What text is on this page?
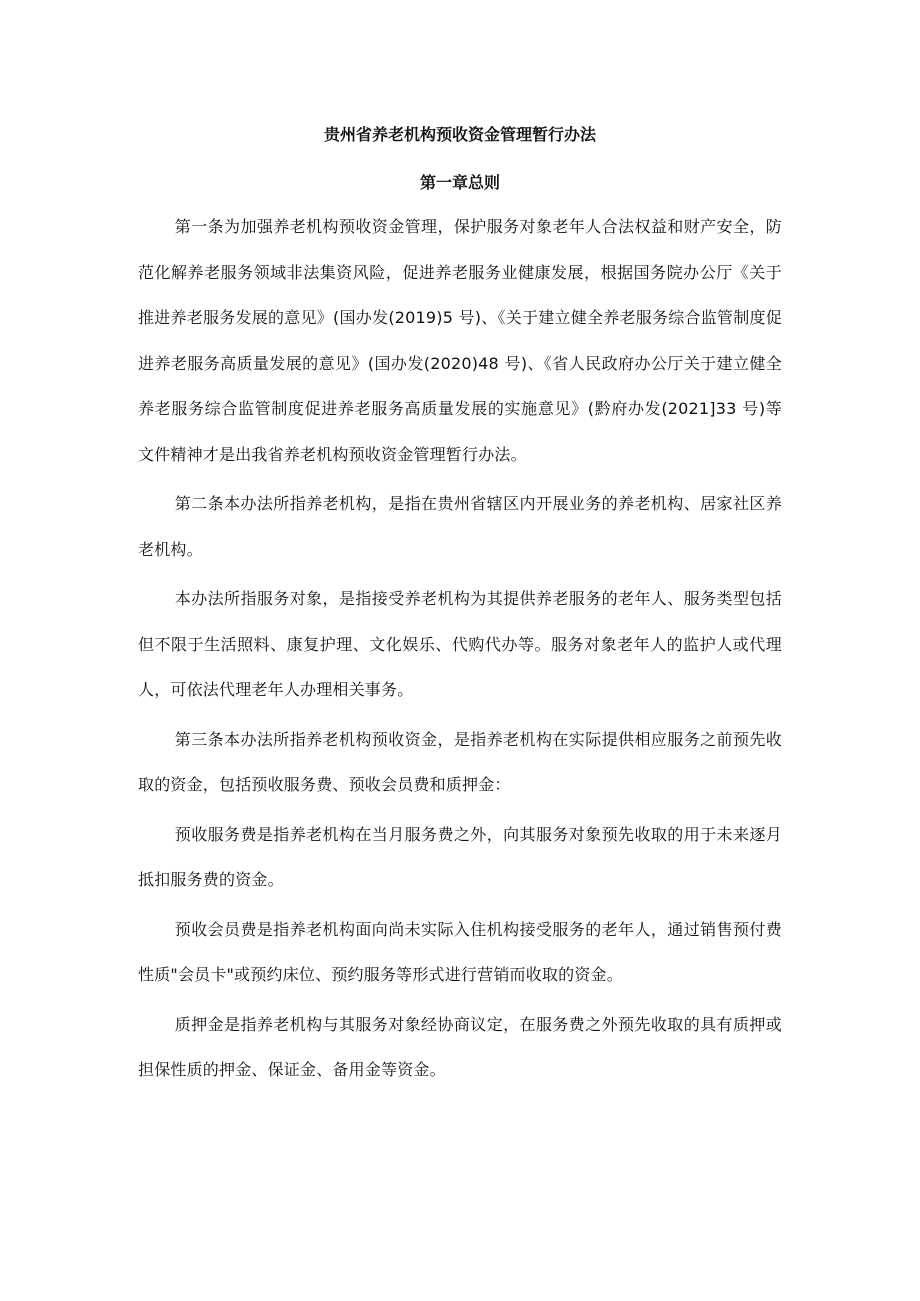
贵州省养老机构预收资金管理暂行办法
第一章总则

第一条为加强养老机构预收资金管理，保护服务对象老年人合法权益和财产安全，防范化解养老服务领域非法集资风险，促进养老服务业健康发展，根据国务院办公厅《关于推进养老服务发展的意见》(国办发(2019)5 号)、《关于建立健全养老服务综合监管制度促进养老服务高质量发展的意见》(国办发(2020)48 号)、《省人民政府办公厅关于建立健全养老服务综合监管制度促进养老服务高质量发展的实施意见》(黔府办发(2021]33 号)等文件精神才是出我省养老机构预收资金管理暂行办法。

第二条本办法所指养老机构，是指在贵州省辖区内开展业务的养老机构、居家社区养老机构。

本办法所指服务对象，是指接受养老机构为其提供养老服务的老年人、服务类型包括但不限于生活照料、康复护理、文化娱乐、代购代办等。服务对象老年人的监护人或代理人，可依法代理老年人办理相关事务。

第三条本办法所指养老机构预收资金，是指养老机构在实际提供相应服务之前预先收取的资金，包括预收服务费、预收会员费和质押金：

预收服务费是指养老机构在当月服务费之外，向其服务对象预先收取的用于未来逐月抵扣服务费的资金。

预收会员费是指养老机构面向尚未实际入住机构接受服务的老年人，通过销售预付费性质"会员卡"或预约床位、预约服务等形式进行营销而收取的资金。

质押金是指养老机构与其服务对象经协商议定，在服务费之外预先收取的具有质押或担保性质的押金、保证金、备用金等资金。
